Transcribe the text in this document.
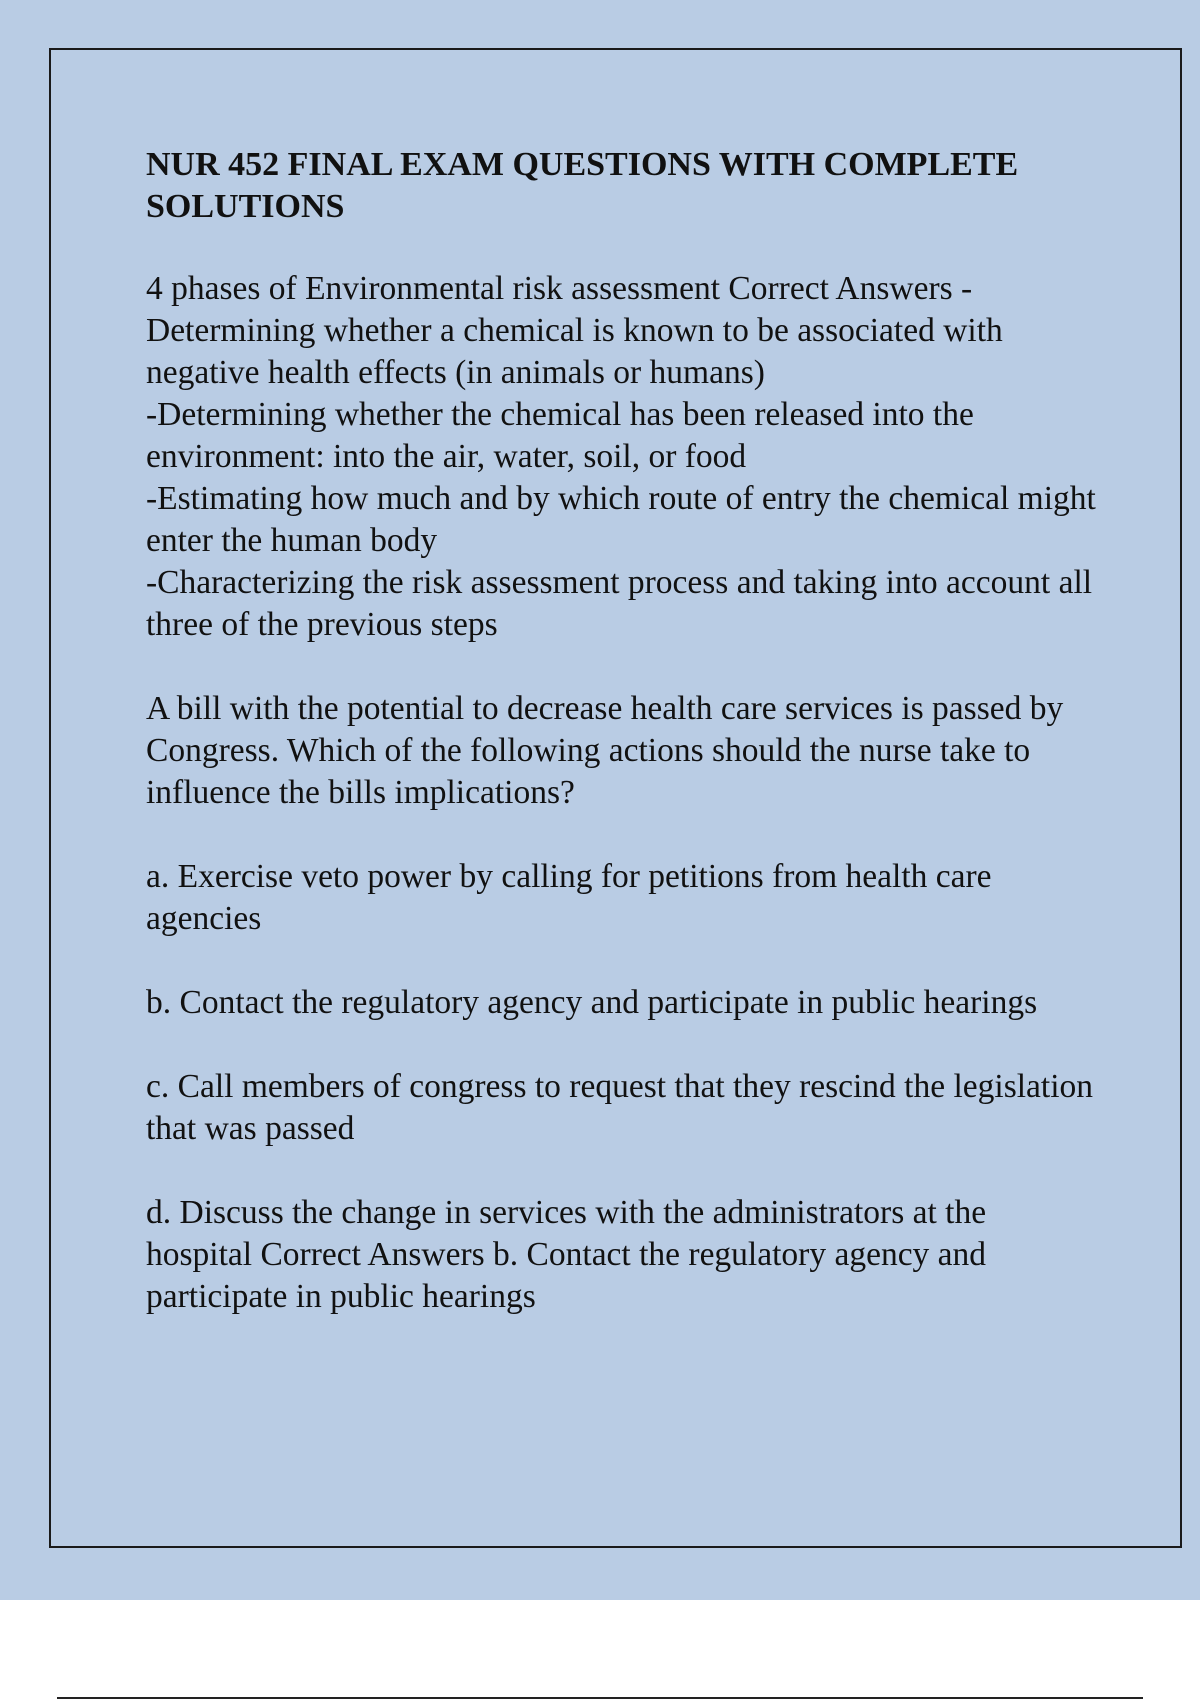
NUR 452 FINAL EXAM QUESTIONS WITH COMPLETE SOLUTIONS

4 phases of Environmental risk assessment Correct Answers - Determining whether a chemical is known to be associated with negative health effects (in animals or humans)
-Determining whether the chemical has been released into the environment: into the air, water, soil, or food
-Estimating how much and by which route of entry the chemical might enter the human body
-Characterizing the risk assessment process and taking into account all three of the previous steps

A bill with the potential to decrease health care services is passed by Congress. Which of the following actions should the nurse take to influence the bills implications?

a. Exercise veto power by calling for petitions from health care agencies

b. Contact the regulatory agency and participate in public hearings

c. Call members of congress to request that they rescind the legislation that was passed

d. Discuss the change in services with the administrators at the hospital Correct Answers b. Contact the regulatory agency and participate in public hearings
